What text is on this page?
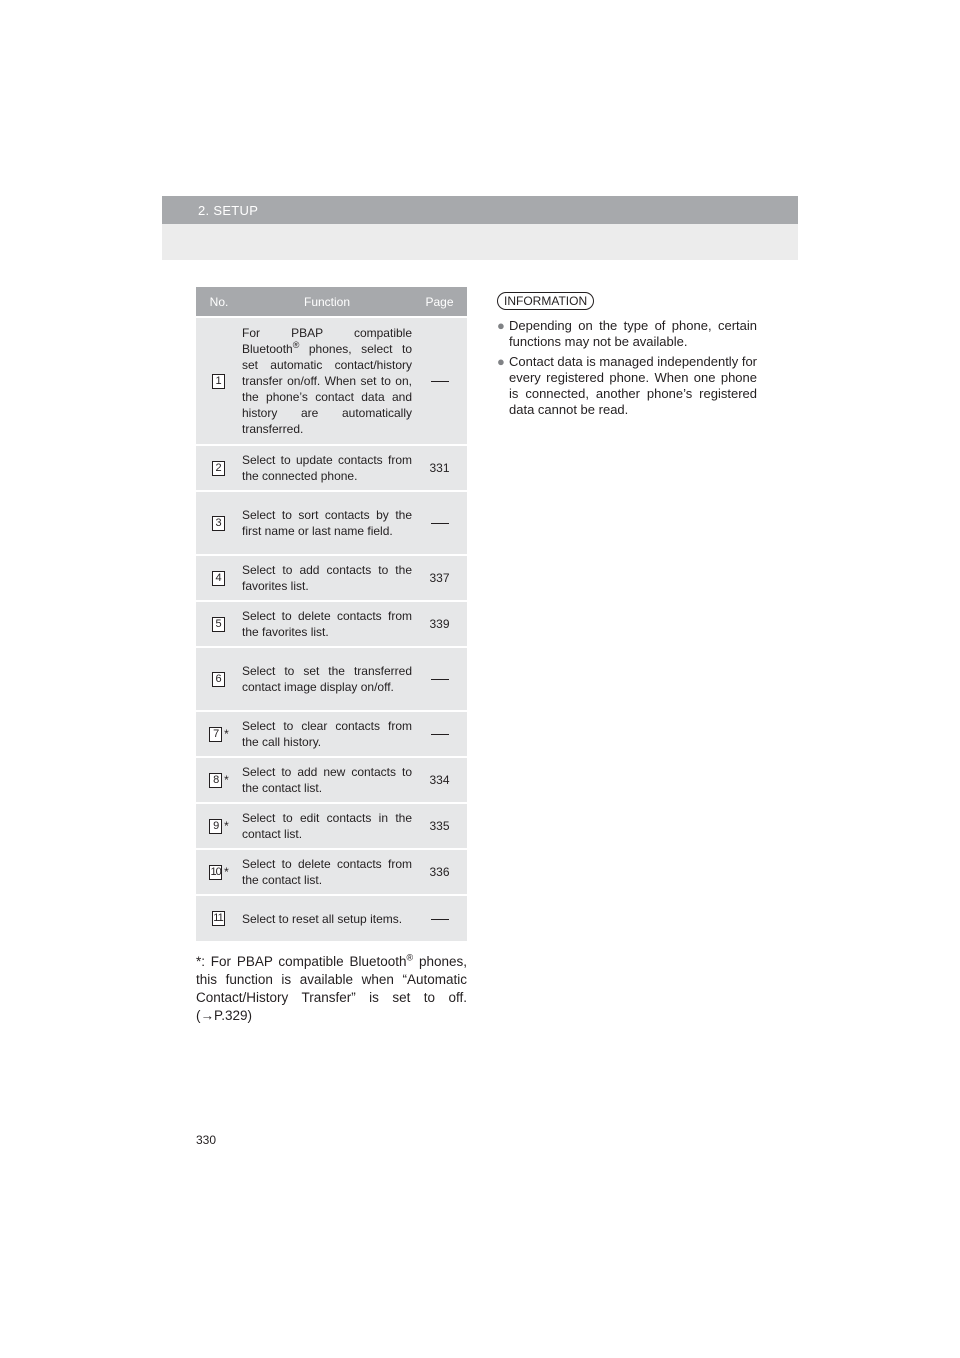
2. SETUP
No.	Function	Page
1	For PBAP compatible Bluetooth® phones, select to set automatic contact/history transfer on/off. When set to on, the phone’s contact data and history are automatically transferred.	
2	Select to update contacts from the connected phone.	331
3	Select to sort contacts by the first name or last name field.	
4	Select to add contacts to the favorites list.	337
5	Select to delete contacts from the favorites list.	339
6	Select to set the transferred contact image display on/off.	
7 *	Select to clear contacts from the call history.	
8 *	Select to add new contacts to the contact list.	334
9 *	Select to edit contacts in the contact list.	335
10 *	Select to delete contacts from the contact list.	336
11	Select to reset all setup items.	
*: For PBAP compatible Bluetooth® phones, this function is available when “Automatic Contact/History Transfer” is set to off. (→P.329)
INFORMATION
● Depending on the type of phone, certain functions may not be available.
● Contact data is managed independently for every registered phone. When one phone is connected, another phone’s registered data cannot be read.
330
